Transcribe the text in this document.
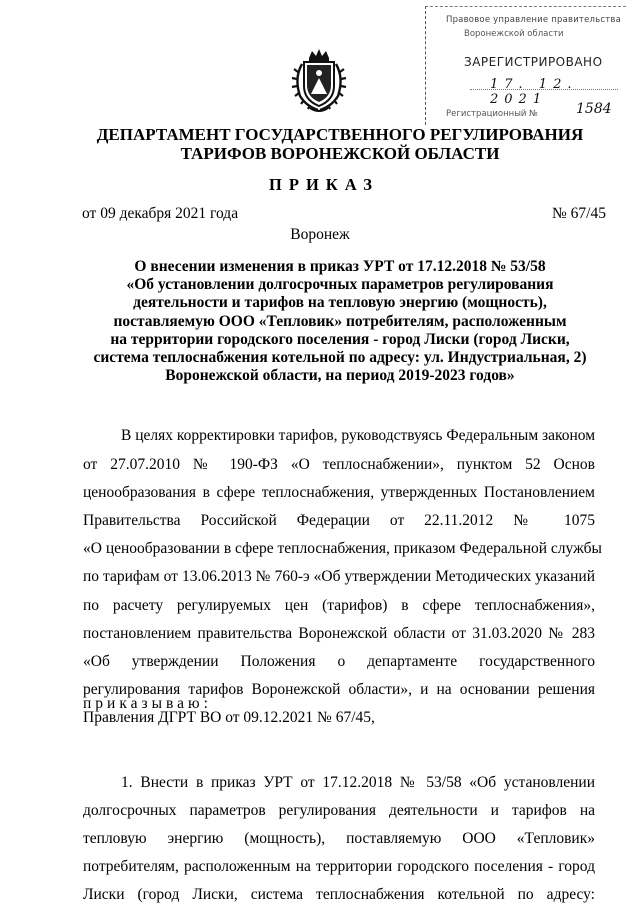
Правовое управление правительства
Воронежской области
ЗАРЕГИСТРИРОВАНО
17. 12. 2021
Регистрационный №	1584
ДЕПАРТАМЕНТ ГОСУДАРСТВЕННОГО РЕГУЛИРОВАНИЯ
ТАРИФОВ ВОРОНЕЖСКОЙ ОБЛАСТИ
ПРИКАЗ
от 09 декабря 2021 года	№ 67/45
Воронеж
О внесении изменения в приказ УРТ от 17.12.2018 № 53/58
«Об установлении долгосрочных параметров регулирования
деятельности и тарифов на тепловую энергию (мощность),
поставляемую ООО «Тепловик» потребителям, расположенным
на территории городского поселения - город Лиски (город Лиски,
система теплоснабжения котельной по адресу: ул. Индустриальная, 2)
Воронежской области, на период 2019-2023 годов»
В целях корректировки тарифов, руководствуясь Федеральным законом
от 27.07.2010 № 190-ФЗ «О теплоснабжении», пунктом 52 Основ
ценообразования в сфере теплоснабжения, утвержденных Постановлением
Правительства Российской Федерации от 22.11.2012 № 1075
«О ценообразовании в сфере теплоснабжения, приказом Федеральной службы
по тарифам от 13.06.2013 № 760-э «Об утверждении Методических указаний
по расчету регулируемых цен (тарифов) в сфере теплоснабжения»,
постановлением правительства Воронежской области от 31.03.2020 № 283
«Об утверждении Положения о департаменте государственного
регулирования тарифов Воронежской области», и на основании решения
Правления ДГРТ ВО от 09.12.2021 № 67/45,
приказываю:
1. Внести в приказ УРТ от 17.12.2018 № 53/58 «Об установлении
долгосрочных параметров регулирования деятельности и тарифов на
тепловую энергию (мощность), поставляемую ООО «Тепловик»
потребителям, расположенным на территории городского поселения - город
Лиски (город Лиски, система теплоснабжения котельной по адресу:
